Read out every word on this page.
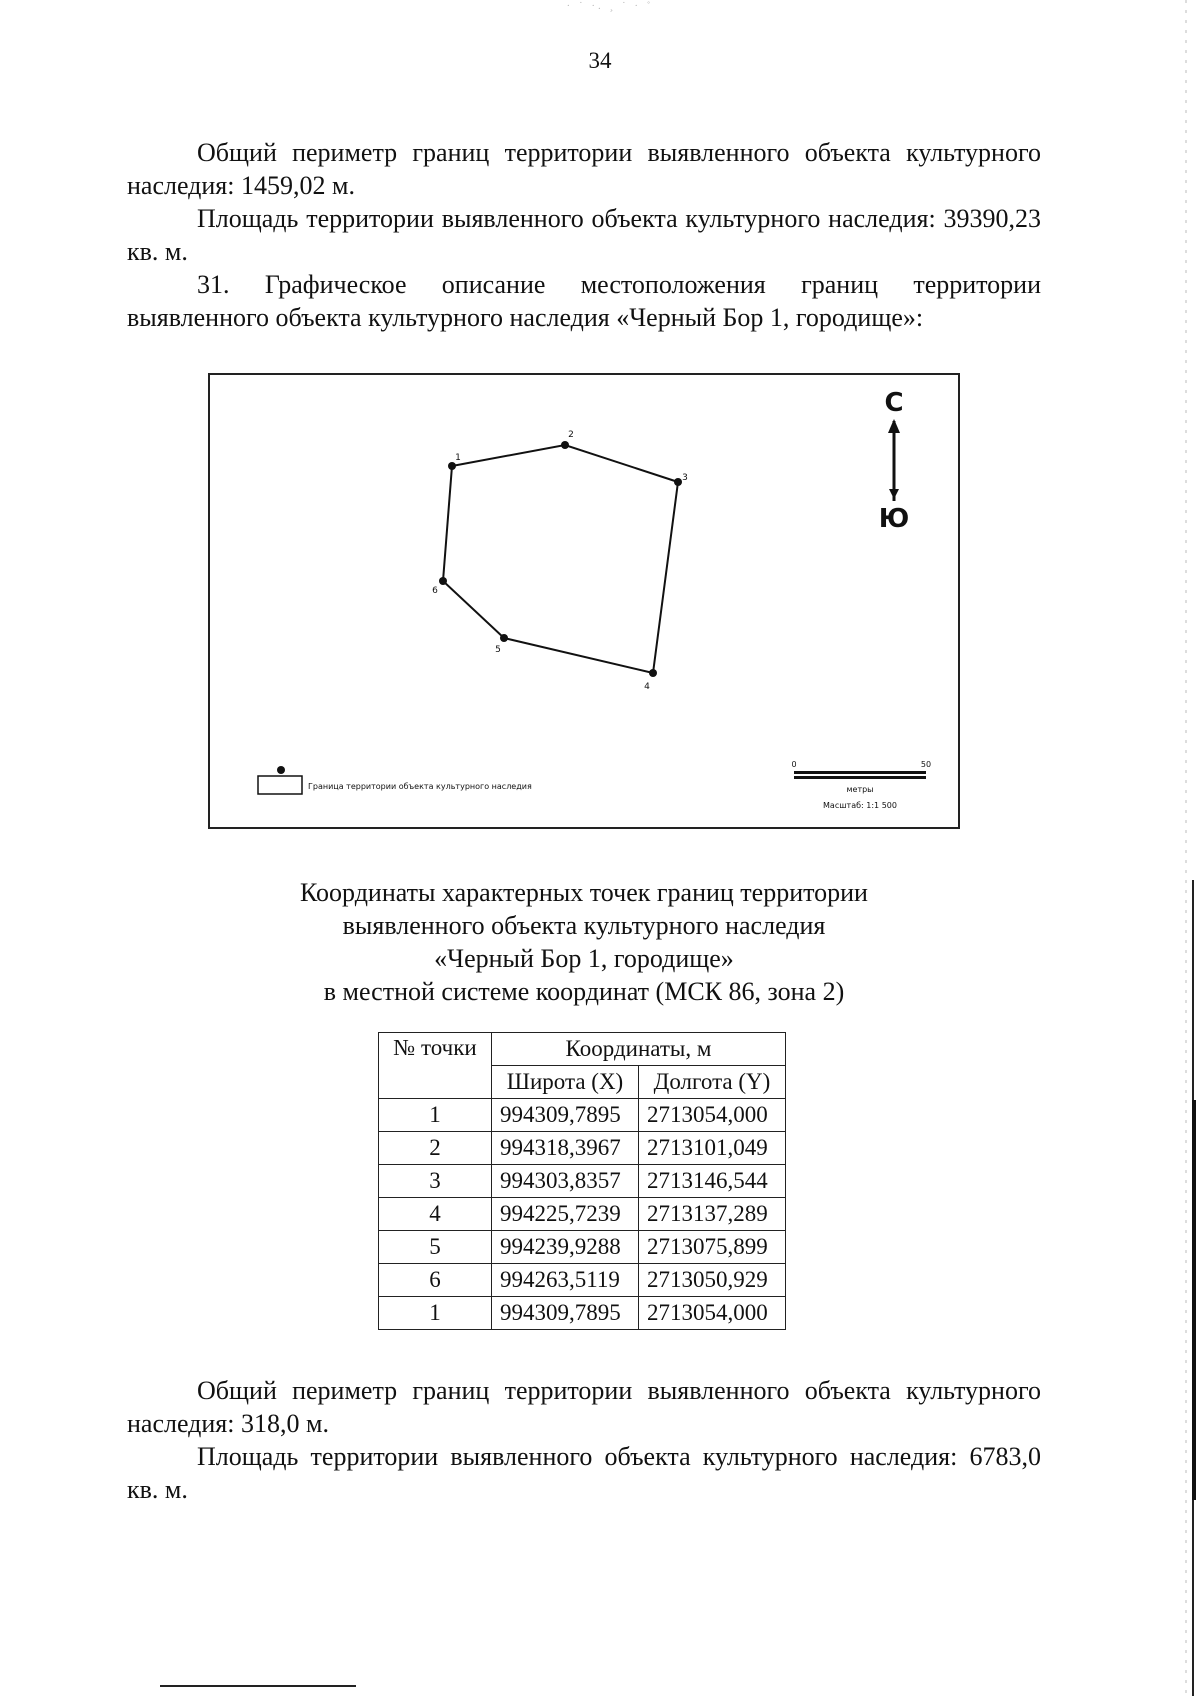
· ˙ ·. ¸ ˙ · ˚
34

Общий периметр границ территории выявленного объекта культурного наследия: 1459,02 м.

Площадь территории выявленного объекта культурного наследия: 39390,23 кв. м.

31. Графическое описание местоположения границ территории выявленного объекта культурного наследия «Черный Бор 1, городище»:

1
2
3
4
5
6
С
Ю
Граница территории объекта культурного наследия
0	50
метры
Масштаб: 1:1 500
Координаты характерных точек границ территории
выявленного объекта культурного наследия
«Черный Бор 1, городище»
в местной системе координат (МСК 86, зона 2)
№ точки	Координаты, м	
	Широта (X)	Долгота (Y)
1	994309,7895	2713054,000
2	994318,3967	2713101,049
3	994303,8357	2713146,544
4	994225,7239	2713137,289
5	994239,9288	2713075,899
6	994263,5119	2713050,929
1	994309,7895	2713054,000

Общий периметр границ территории выявленного объекта культурного наследия: 318,0 м.

Площадь территории выявленного объекта культурного наследия: 6783,0 кв. м.
